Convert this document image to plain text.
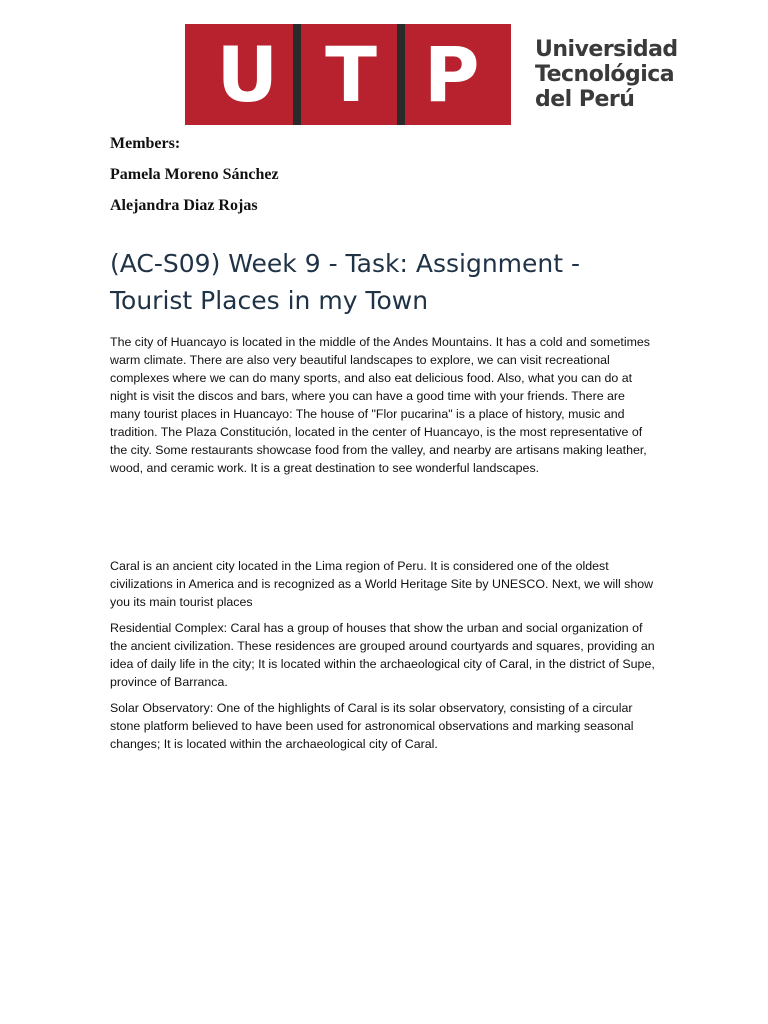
U T P	Universidad
Tecnológica
del Perú
Members:
Pamela Moreno Sánchez
Alejandra Diaz Rojas
(AC-S09) Week 9 - Task: Assignment - Tourist Places in my Town

The city of Huancayo is located in the middle of the Andes Mountains. It has a cold and sometimes warm climate. There are also very beautiful landscapes to explore, we can visit recreational complexes where we can do many sports, and also eat delicious food. Also, what you can do at night is visit the discos and bars, where you can have a good time with your friends. There are many tourist places in Huancayo: The house of "Flor pucarina" is a place of history, music and tradition. The Plaza Constitución, located in the center of Huancayo, is the most representative of the city. Some restaurants showcase food from the valley, and nearby are artisans making leather, wood, and ceramic work. It is a great destination to see wonderful landscapes.

Caral is an ancient city located in the Lima region of Peru. It is considered one of the oldest civilizations in America and is recognized as a World Heritage Site by UNESCO. Next, we will show you its main tourist places

Residential Complex: Caral has a group of houses that show the urban and social organization of the ancient civilization. These residences are grouped around courtyards and squares, providing an idea of daily life in the city; It is located within the archaeological city of Caral, in the district of Supe, province of Barranca.

Solar Observatory: One of the highlights of Caral is its solar observatory, consisting of a circular stone platform believed to have been used for astronomical observations and marking seasonal changes; It is located within the archaeological city of Caral.
